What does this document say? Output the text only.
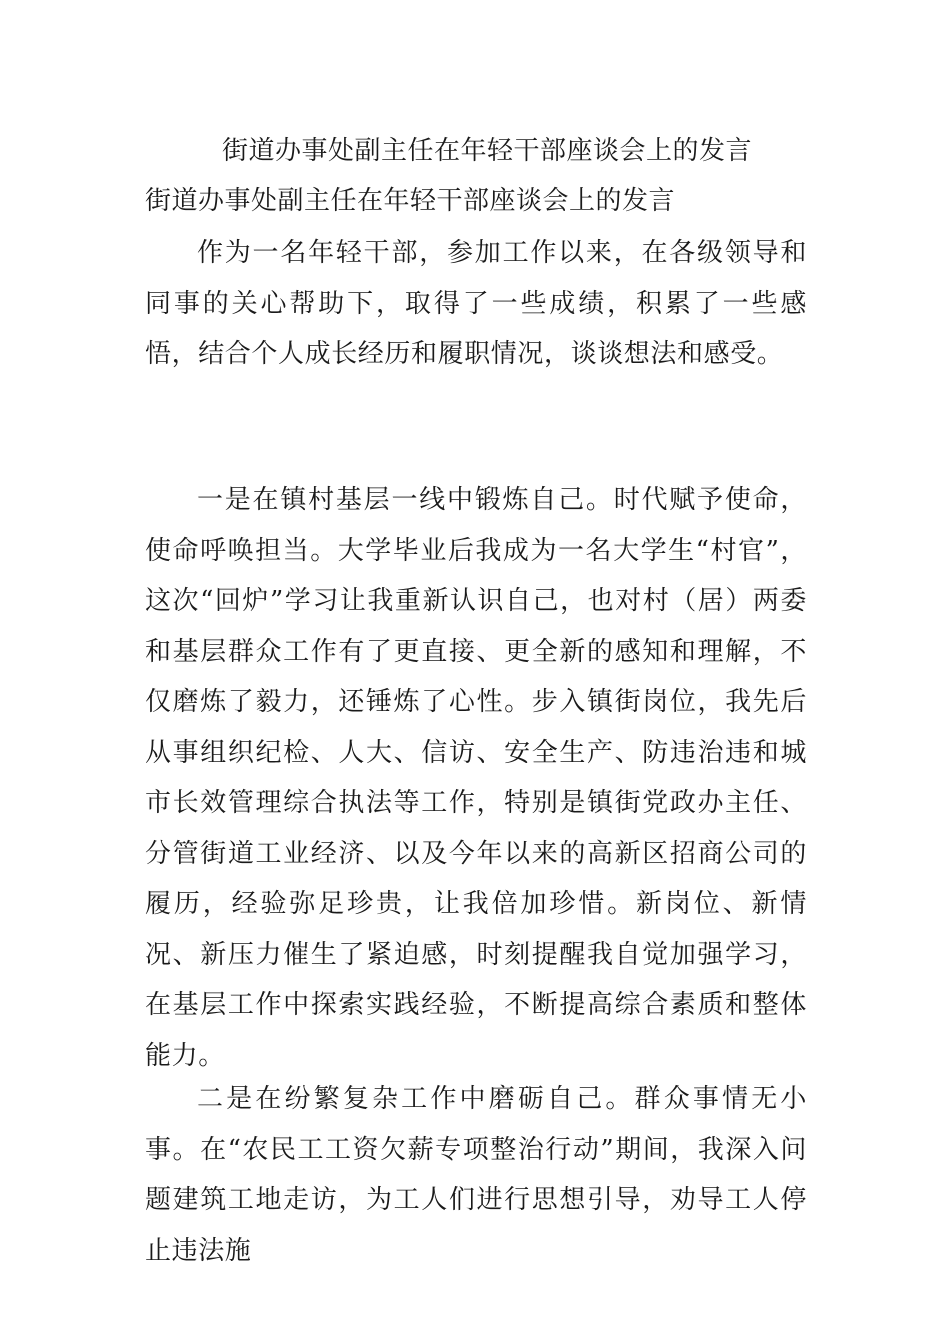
街道办事处副主任在年轻干部座谈会上的发言
街道办事处副主任在年轻干部座谈会上的发言

作为一名年轻干部，参加工作以来，在各级领导和同事的关心帮助下，取得了一些成绩，积累了一些感悟，结合个人成长经历和履职情况，谈谈想法和感受。

一是在镇村基层一线中锻炼自己。时代赋予使命，使命呼唤担当。大学毕业后我成为一名大学生“村官”，这次“回炉”学习让我重新认识自己，也对村（居）两委和基层群众工作有了更直接、更全新的感知和理解，不仅磨炼了毅力，还锤炼了心性。步入镇街岗位，我先后从事组织纪检、人大、信访、安全生产、防违治违和城市长效管理综合执法等工作，特别是镇街党政办主任、分管街道工业经济、以及今年以来的高新区招商公司的履历，经验弥足珍贵，让我倍加珍惜。新岗位、新情况、新压力催生了紧迫感，时刻提醒我自觉加强学习，在基层工作中探索实践经验，不断提高综合素质和整体能力。

二是在纷繁复杂工作中磨砺自己。群众事情无小事。在“农民工工资欠薪专项整治行动”期间，我深入问题建筑工地走访，为工人们进行思想引导，劝导工人停止违法施
